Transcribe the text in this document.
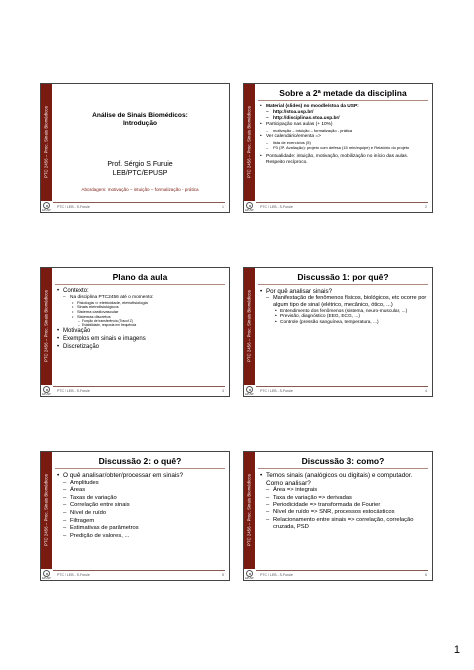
PTC 2456 – Proc. Sinais Biomédicos
EPUSP
Análise de Sinais Biomédicos:
Introdução
Prof. Sérgio S Furuie
LEB/PTC/EPUSP
Abordagem: motivação – intuição – formalização - prática
PTC / LEB - S.Furuie	1
PTC 2456 – Proc. Sinais Biomédicos
EPUSP
Sobre a 2ª metade da disciplina
• Material (slides) no moodle/stoa da USP:
– http://stoa.usp.br/
– http://disciplinas.stoa.usp.br/
• Participação nas aulas (+ 10%)
– motivação – intuição – formalização - prática
• Ver calendário/ementa =>
– lista de exercícios (5)
– P3 (3ª. Avaliação): projeto com defesa (15 min/equipe) e Relatório do projeto
• Pontualidade: intuição, motivação, mobilização no início das aulas. Respeito recíproco.
PTC / LEB - S.Furuie	2
PTC 2456 – Proc. Sinais Biomédicos
EPUSP
Plano da aula
• Contexto:
– Na disciplina PTC2456 até o momento:
• Fisiologia ⇨ eletricidade, eletrofisiologia
• Sinais eletrofisiológicos
• Sistema cardiovascular
• Sistemas discretos
– Função de transferência (Tracof Z)
– Estabilidade, resposta em frequência
• Motivação
• Exemplos em sinais e imagens
• Discretização
PTC / LEB - S.Furuie	3
PTC 2456 – Proc. Sinais Biomédicos
EPUSP
Discussão 1: por quê?
• Por quê analisar sinais?
– Manifestação de fenômenos físicos, biológicos, etc ocorre por algum tipo de sinal (elétrico, mecânico, ótico, ...)
• Entendimento dos fenômenos (sistema, neuro-muscular, ...)
• Previsão, diagnóstico (EEG, ECG, ...)
• Controle (pressão sanguínea, temperatura, ...)
PTC / LEB - S.Furuie	4
PTC 2456 – Proc. Sinais Biomédicos
EPUSP
Discussão 2: o quê?
• O quê analisar/obter/processar em sinais?
– Amplitudes
– Áreas
– Taxas de variação
– Correlação entre sinais
– Nível de ruído
– Filtragem
– Estimativas de parâmetros
– Predição de valores, ...
PTC / LEB - S.Furuie	5
PTC 2456 – Proc. Sinais Biomédicos
EPUSP
Discussão 3: como?
• Temos sinais (analógicos ou digitais) e computador. Como analisar?
– Área => integrais
– Taxa de variação => derivadas
– Periodicidade => transformada de Fourier
– Nível de ruído => SNR, processos estocásticos
– Relacionamento entre sinais => correlação, correlação cruzada, PSD
PTC / LEB - S.Furuie	6
1
